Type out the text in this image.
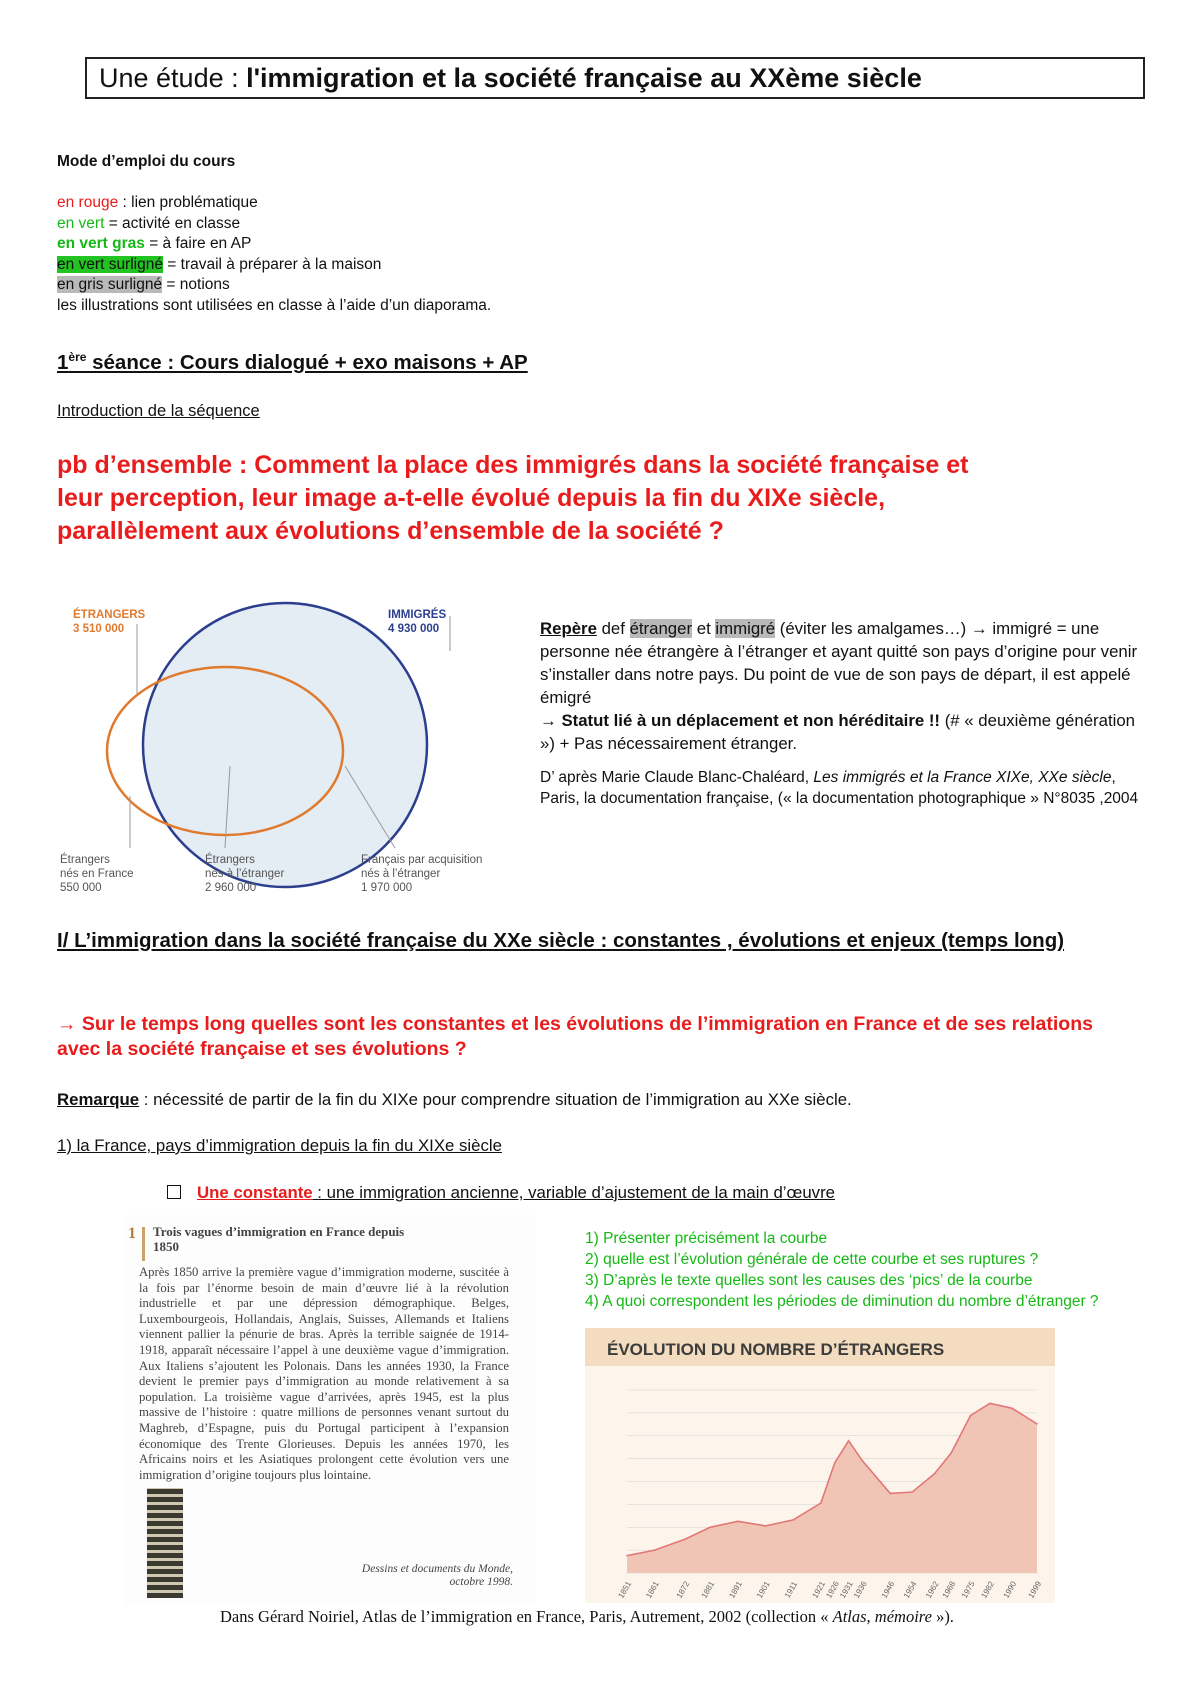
Une étude : l'immigration et la société française au XXème siècle
Mode d’emploi du cours
en rouge : lien problématique
en vert = activité en classe
en vert gras = à faire en AP
en vert surligné = travail à préparer à la maison
en gris surligné = notions
les illustrations sont utilisées en classe à l’aide d’un diaporama.
1ère séance : Cours dialogué + exo maisons + AP
Introduction de la séquence
pb d’ensemble : Comment la place des immigrés dans la société française et
leur perception, leur image a-t-elle évolué depuis la fin du XIXe siècle,
parallèlement aux évolutions d’ensemble de la société ?
ÉTRANGERS
3 510 000
IMMIGRÉS
4 930 000
Étrangers
nés en France
550 000
Étrangers
nés à l’étranger
2 960 000
Français par acquisition
nés à l’étranger
1 970 000
Repère def étranger et immigré (éviter les amalgames…) → immigré = une personne née étrangère à l’étranger et ayant quitté son pays d’origine pour venir s’installer dans notre pays. Du point de vue de son pays de départ, il est appelé émigré
→ Statut lié à un déplacement et non héréditaire !! (# « deuxième génération ») + Pas nécessairement étranger.
D’ après Marie Claude Blanc-Chaléard, Les immigrés et la France XIXe, XXe siècle, Paris, la documentation française, (« la documentation photographique » N°8035 ,2004
I/ L’immigration dans la société française du XXe siècle : constantes , évolutions et enjeux (temps long)
→ Sur le temps long quelles sont les constantes et les évolutions de l’immigration en France et de ses relations avec la société française et ses évolutions ?
Remarque : nécessité de partir de la fin du XIXe pour comprendre situation de l’immigration au XXe siècle.
1) la France, pays d’immigration depuis la fin du XIXe siècle
Une constante : une immigration ancienne, variable d’ajustement de la main d’œuvre
1 Trois vagues d’immigration en France depuis 1850
Après 1850 arrive la première vague d’immigration moderne, suscitée à la fois par l’énorme besoin de main d’œuvre lié à la révolution industrielle et par une dépression démographique. Belges, Luxembourgeois, Hollandais, Anglais, Suisses, Allemands et Italiens viennent pallier la pénurie de bras. Après la terrible saignée de 1914-1918, apparaît nécessaire l’appel à une deuxième vague d’immigration. Aux Italiens s’ajoutent les Polonais. Dans les années 1930, la France devient le premier pays d’immigration au monde relativement à sa population. La troisième vague d’arrivées, après 1945, est la plus massive de l’histoire : quatre millions de personnes venant surtout du Maghreb, d’Espagne, puis du Portugal participent à l’expansion économique des Trente Glorieuses. Depuis les années 1970, les Africains noirs et les Asiatiques prolongent cette évolution vers une immigration d’origine toujours plus lointaine.
Dessins et documents du Monde, octobre 1998.
1) Présenter précisément la courbe
2) quelle est l’évolution générale de cette courbe et ses ruptures ?
3) D’après le texte quelles sont les causes des ‘pics’ de la courbe
4) A quoi correspondent les périodes de diminution du nombre d’étranger ?
ÉVOLUTION DU NOMBRE D’ÉTRANGERS
1851 1861 1872 1881 1891 1901 1911 1921
1926
1931
1936 1946 1954 1962 1968 1975 1982 1990 1999
Dans Gérard Noiriel, Atlas de l’immigration en France, Paris, Autrement, 2002 (collection « Atlas, mémoire »).
